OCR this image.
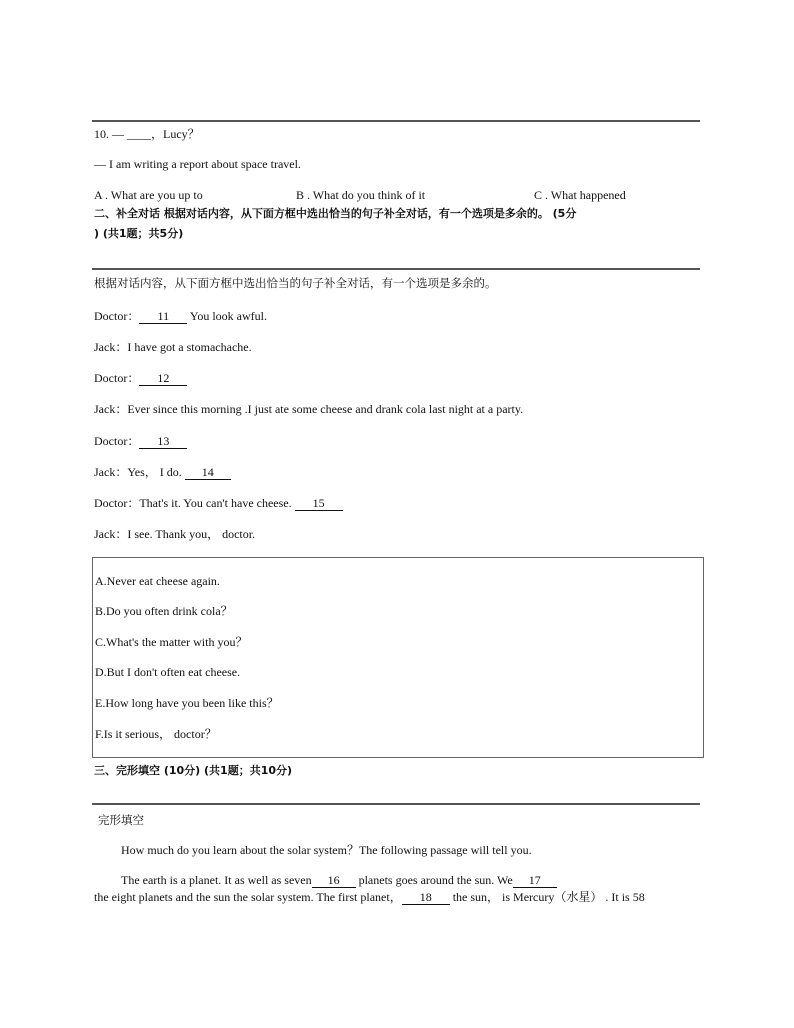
10. — ____，Lucy？
— I am writing a report about space travel.
A . What are you up to	B . What do you think of it	C . What happened
二、补全对话 根据对话内容，从下面方框中选出恰当的句子补全对话，有一个选项是多余的。 (5分
) (共1题；共5分)
根据对话内容，从下面方框中选出恰当的句子补全对话，有一个选项是多余的。
Doctor： 11 You look awful.
Jack：I have got a stomachache.
Doctor： 12
Jack：Ever since this morning .I just ate some cheese and drank cola last night at a party.
Doctor： 13
Jack：Yes， I do. 14
Doctor：That's it. You can't have cheese. 15
Jack：I see. Thank you， doctor.
A.Never eat cheese again.
B.Do you often drink cola？
C.What's the matter with you？
D.But I don't often eat cheese.
E.How long have you been like this？
F.Is it serious， doctor？
三、完形填空 (10分) (共1题；共10分)
完形填空
How much do you learn about the solar system？The following passage will tell you.
The earth is a planet. It as well as seven 16 planets goes around the sun. We 17
the eight planets and the sun the solar system. The first planet， 18 the sun， is Mercury（水星） . It is 58
